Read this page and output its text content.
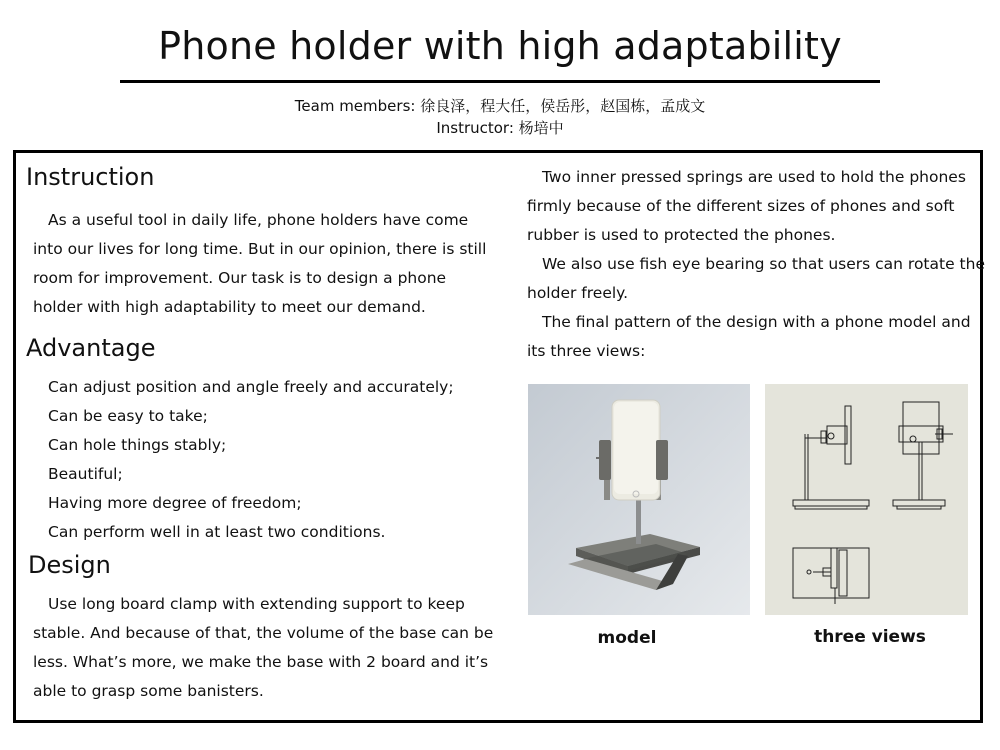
Phone holder with high adaptability
Team members: 徐良泽，程大任，侯岳彤，赵国栋，孟成文
Instructor: 杨培中
Instruction
As a useful tool in daily life, phone holders have come
into our lives for long time. But in our opinion, there is still
room for improvement. Our task is to design a phone
holder with high adaptability to meet our demand.
Advantage
Can adjust position and angle freely and accurately;
Can be easy to take;
Can hole things stably;
Beautiful;
Having more degree of freedom;
Can perform well in at least two conditions.
Design
Use long board clamp with extending support to keep
stable. And because of that, the volume of the base can be
less. What’s more, we make the base with 2 board and it’s
able to grasp some banisters.
Two inner pressed springs are used to hold the phones
firmly because of the different sizes of phones and soft
rubber is used to protected the phones.
We also use fish eye bearing so that users can rotate the
holder freely.
The final pattern of the design with a phone model and
its three views:
model	three views
